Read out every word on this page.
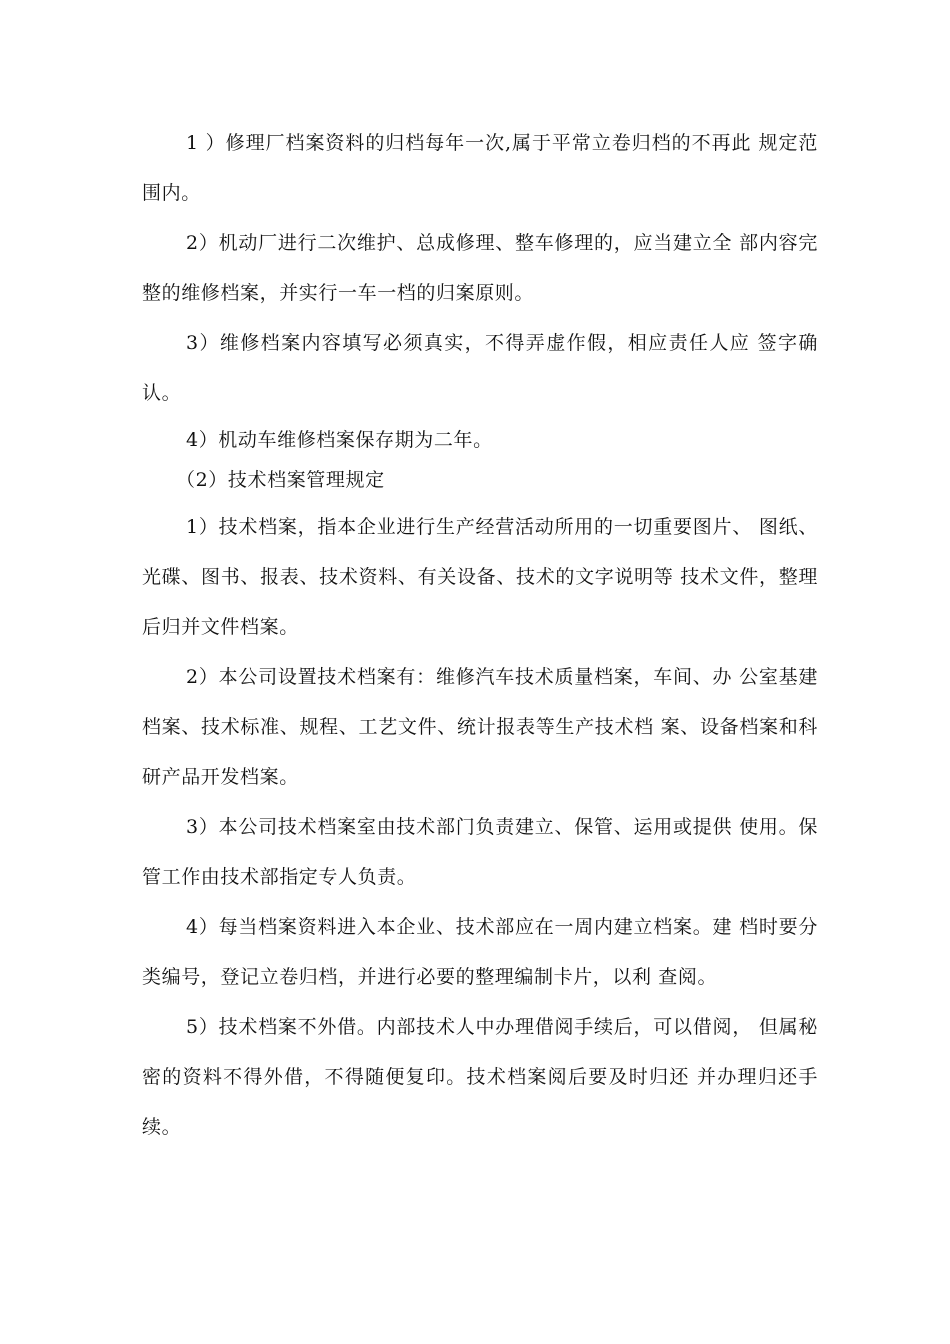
1 ）修理厂档案资料的归档每年一次,属于平常立卷归档的不再此 规定范围内。

2）机动厂进行二次维护、总成修理、整车修理的，应当建立全 部内容完整的维修档案，并实行一车一档的归案原则。

3）维修档案内容填写必须真实，不得弄虚作假，相应责任人应 签字确认。

4）机动车维修档案保存期为二年。

（2）技术档案管理规定

1）技术档案，指本企业进行生产经营活动所用的一切重要图片、 图纸、光碟、图书、报表、技术资料、有关设备、技术的文字说明等 技术文件，整理后归并文件档案。

2）本公司设置技术档案有：维修汽车技术质量档案，车间、办 公室基建档案、技术标准、规程、工艺文件、统计报表等生产技术档 案、设备档案和科研产品开发档案。

3）本公司技术档案室由技术部门负责建立、保管、运用或提供 使用。保管工作由技术部指定专人负责。

4）每当档案资料进入本企业、技术部应在一周内建立档案。建 档时要分类编号，登记立卷归档，并进行必要的整理编制卡片，以利 查阅。

5）技术档案不外借。内部技术人中办理借阅手续后，可以借阅， 但属秘密的资料不得外借，不得随便复印。技术档案阅后要及时归还 并办理归还手续。
